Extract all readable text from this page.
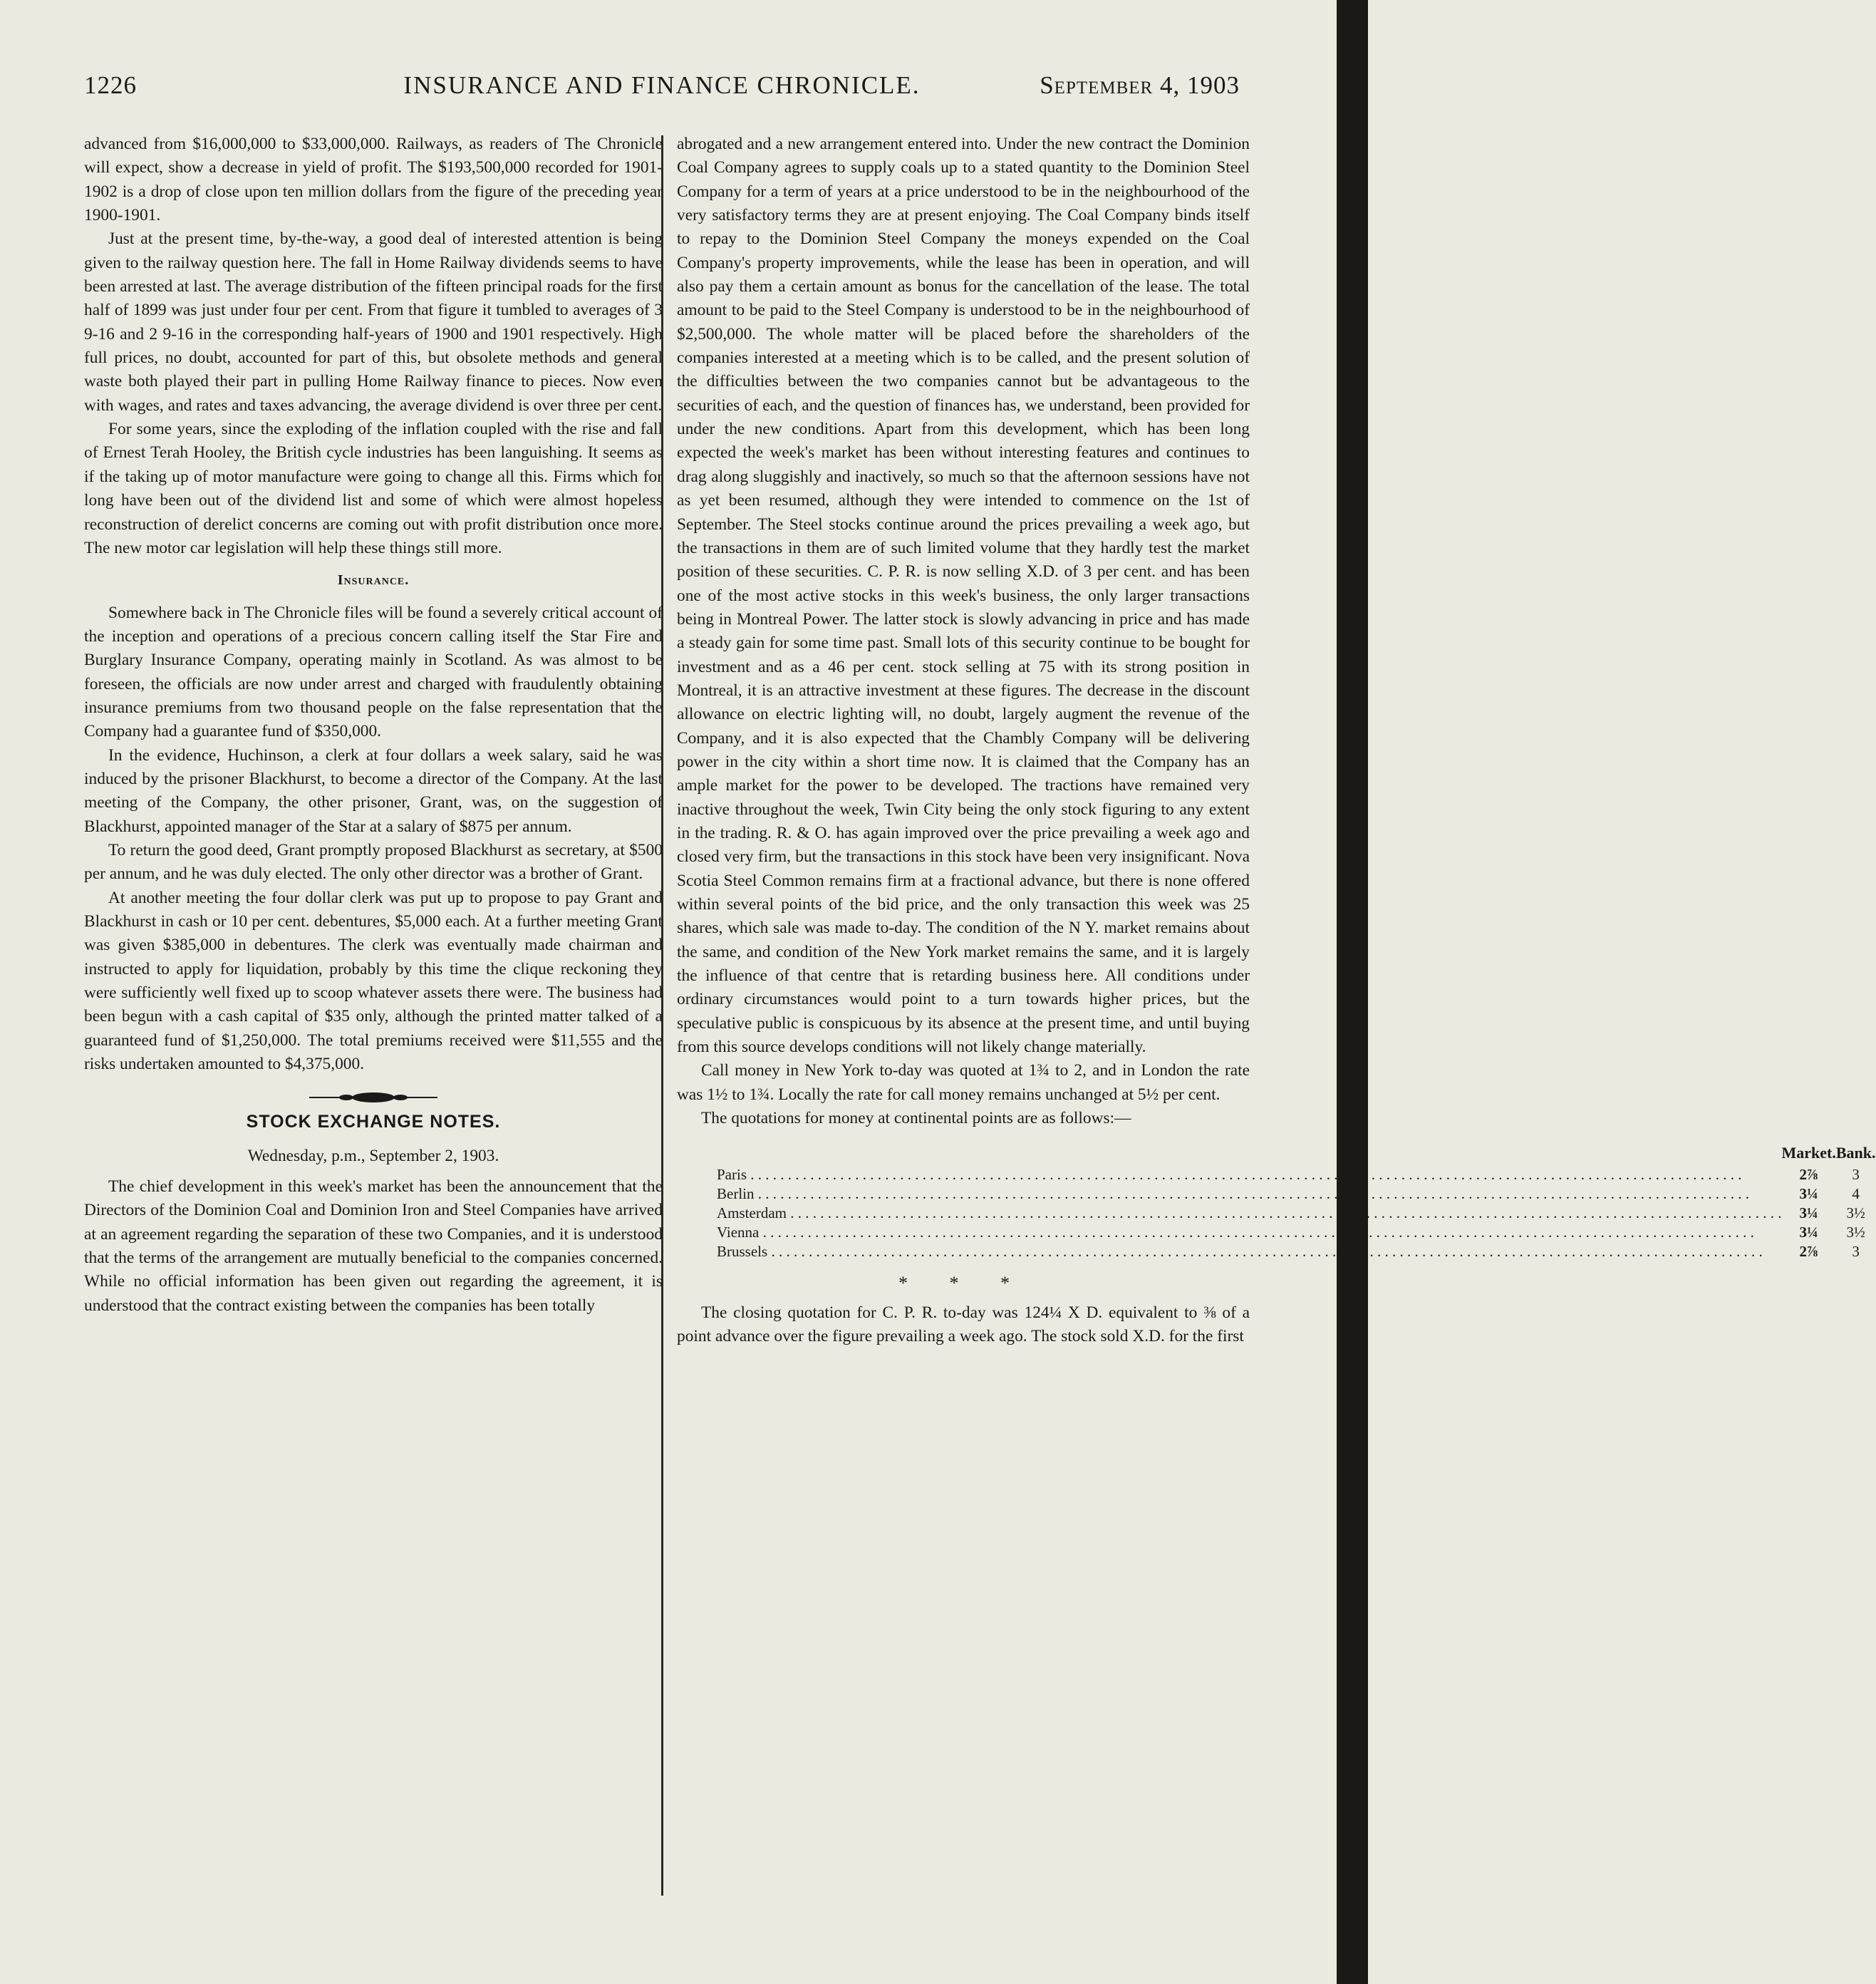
1226	INSURANCE AND FINANCE CHRONICLE.	September 4, 1903

advanced from $16,000,000 to $33,000,000. Railways, as readers of The Chronicle will expect, show a decrease in yield of profit. The $193,500,000 recorded for 1901-1902 is a drop of close upon ten million dollars from the figure of the preceding year 1900-1901.

Just at the present time, by-the-way, a good deal of interested attention is being given to the railway question here. The fall in Home Railway dividends seems to have been arrested at last. The average distribution of the fifteen principal roads for the first half of 1899 was just under four per cent. From that figure it tumbled to averages of 3 9-16 and 2 9-16 in the corresponding half-years of 1900 and 1901 respectively. High full prices, no doubt, accounted for part of this, but obsolete methods and general waste both played their part in pulling Home Railway finance to pieces. Now even with wages, and rates and taxes advancing, the average dividend is over three per cent.

For some years, since the exploding of the inflation coupled with the rise and fall of Ernest Terah Hooley, the British cycle industries has been languishing. It seems as if the taking up of motor manufacture were going to change all this. Firms which for long have been out of the dividend list and some of which were almost hopeless reconstruction of derelict concerns are coming out with profit distribution once more. The new motor car legislation will help these things still more.

Insurance.

Somewhere back in The Chronicle files will be found a severely critical account of the inception and operations of a precious concern calling itself the Star Fire and Burglary Insurance Company, operating mainly in Scotland. As was almost to be foreseen, the officials are now under arrest and charged with fraudulently obtaining insurance premiums from two thousand people on the false representation that the Company had a guarantee fund of $350,000.

In the evidence, Huchinson, a clerk at four dollars a week salary, said he was induced by the prisoner Blackhurst, to become a director of the Company. At the last meeting of the Company, the other prisoner, Grant, was, on the suggestion of Blackhurst, appointed manager of the Star at a salary of $875 per annum.

To return the good deed, Grant promptly proposed Blackhurst as secretary, at $500 per annum, and he was duly elected. The only other director was a brother of Grant.

At another meeting the four dollar clerk was put up to propose to pay Grant and Blackhurst in cash or 10 per cent. debentures, $5,000 each. At a further meeting Grant was given $385,000 in debentures. The clerk was eventually made chairman and instructed to apply for liquidation, probably by this time the clique reckoning they were sufficiently well fixed up to scoop whatever assets there were. The business had been begun with a cash capital of $35 only, although the printed matter talked of a guaranteed fund of $1,250,000. The total premiums received were $11,555 and the risks undertaken amounted to $4,375,000.

STOCK EXCHANGE NOTES.

Wednesday, p.m., September 2, 1903.

The chief development in this week's market has been the announcement that the Directors of the Dominion Coal and Dominion Iron and Steel Companies have arrived at an agreement regarding the separation of these two Companies, and it is understood that the terms of the arrangement are mutually beneficial to the companies concerned. While no official information has been given out regarding the agreement, it is understood that the contract existing between the companies has been totally

abrogated and a new arrangement entered into. Under the new contract the Dominion Coal Company agrees to supply coals up to a stated quantity to the Dominion Steel Company for a term of years at a price understood to be in the neighbourhood of the very satisfactory terms they are at present enjoying. The Coal Company binds itself to repay to the Dominion Steel Company the moneys expended on the Coal Company's property improvements, while the lease has been in operation, and will also pay them a certain amount as bonus for the cancellation of the lease. The total amount to be paid to the Steel Company is understood to be in the neighbourhood of $2,500,000. The whole matter will be placed before the shareholders of the companies interested at a meeting which is to be called, and the present solution of the difficulties between the two companies cannot but be advantageous to the securities of each, and the question of finances has, we understand, been provided for under the new conditions. Apart from this development, which has been long expected the week's market has been without interesting features and continues to drag along sluggishly and inactively, so much so that the afternoon sessions have not as yet been resumed, although they were intended to commence on the 1st of September. The Steel stocks continue around the prices prevailing a week ago, but the transactions in them are of such limited volume that they hardly test the market position of these securities. C. P. R. is now selling X.D. of 3 per cent. and has been one of the most active stocks in this week's business, the only larger transactions being in Montreal Power. The latter stock is slowly advancing in price and has made a steady gain for some time past. Small lots of this security continue to be bought for investment and as a 46 per cent. stock selling at 75 with its strong position in Montreal, it is an attractive investment at these figures. The decrease in the discount allowance on electric lighting will, no doubt, largely augment the revenue of the Company, and it is also expected that the Chambly Company will be delivering power in the city within a short time now. It is claimed that the Company has an ample market for the power to be developed. The tractions have remained very inactive throughout the week, Twin City being the only stock figuring to any extent in the trading. R. & O. has again improved over the price prevailing a week ago and closed very firm, but the transactions in this stock have been very insignificant. Nova Scotia Steel Common remains firm at a fractional advance, but there is none offered within several points of the bid price, and the only transaction this week was 25 shares, which sale was made to-day. The condition of the N Y. market remains about the same, and condition of the New York market remains the same, and it is largely the influence of that centre that is retarding business here. All conditions under ordinary circumstances would point to a turn towards higher prices, but the speculative public is conspicuous by its absence at the present time, and until buying from this source develops conditions will not likely change materially.

Call money in New York to-day was quoted at 1¾ to 2, and in London the rate was 1½ to 1¾. Locally the rate for call money remains unchanged at 5½ per cent.

The quotations for money at continental points are as follows:—

	Market.	Bank.
Paris . . .	2⅞	3
Berlin . . .	3¼	4
Amsterdam . . .	3¼	3½
Vienna . . .	3¼	3½
Brussels . . .	2⅞	3

* * *

The closing quotation for C. P. R. to-day was 124¼ X D. equivalent to ⅜ of a point advance over the figure prevailing a week ago. The stock sold X.D. for the first
